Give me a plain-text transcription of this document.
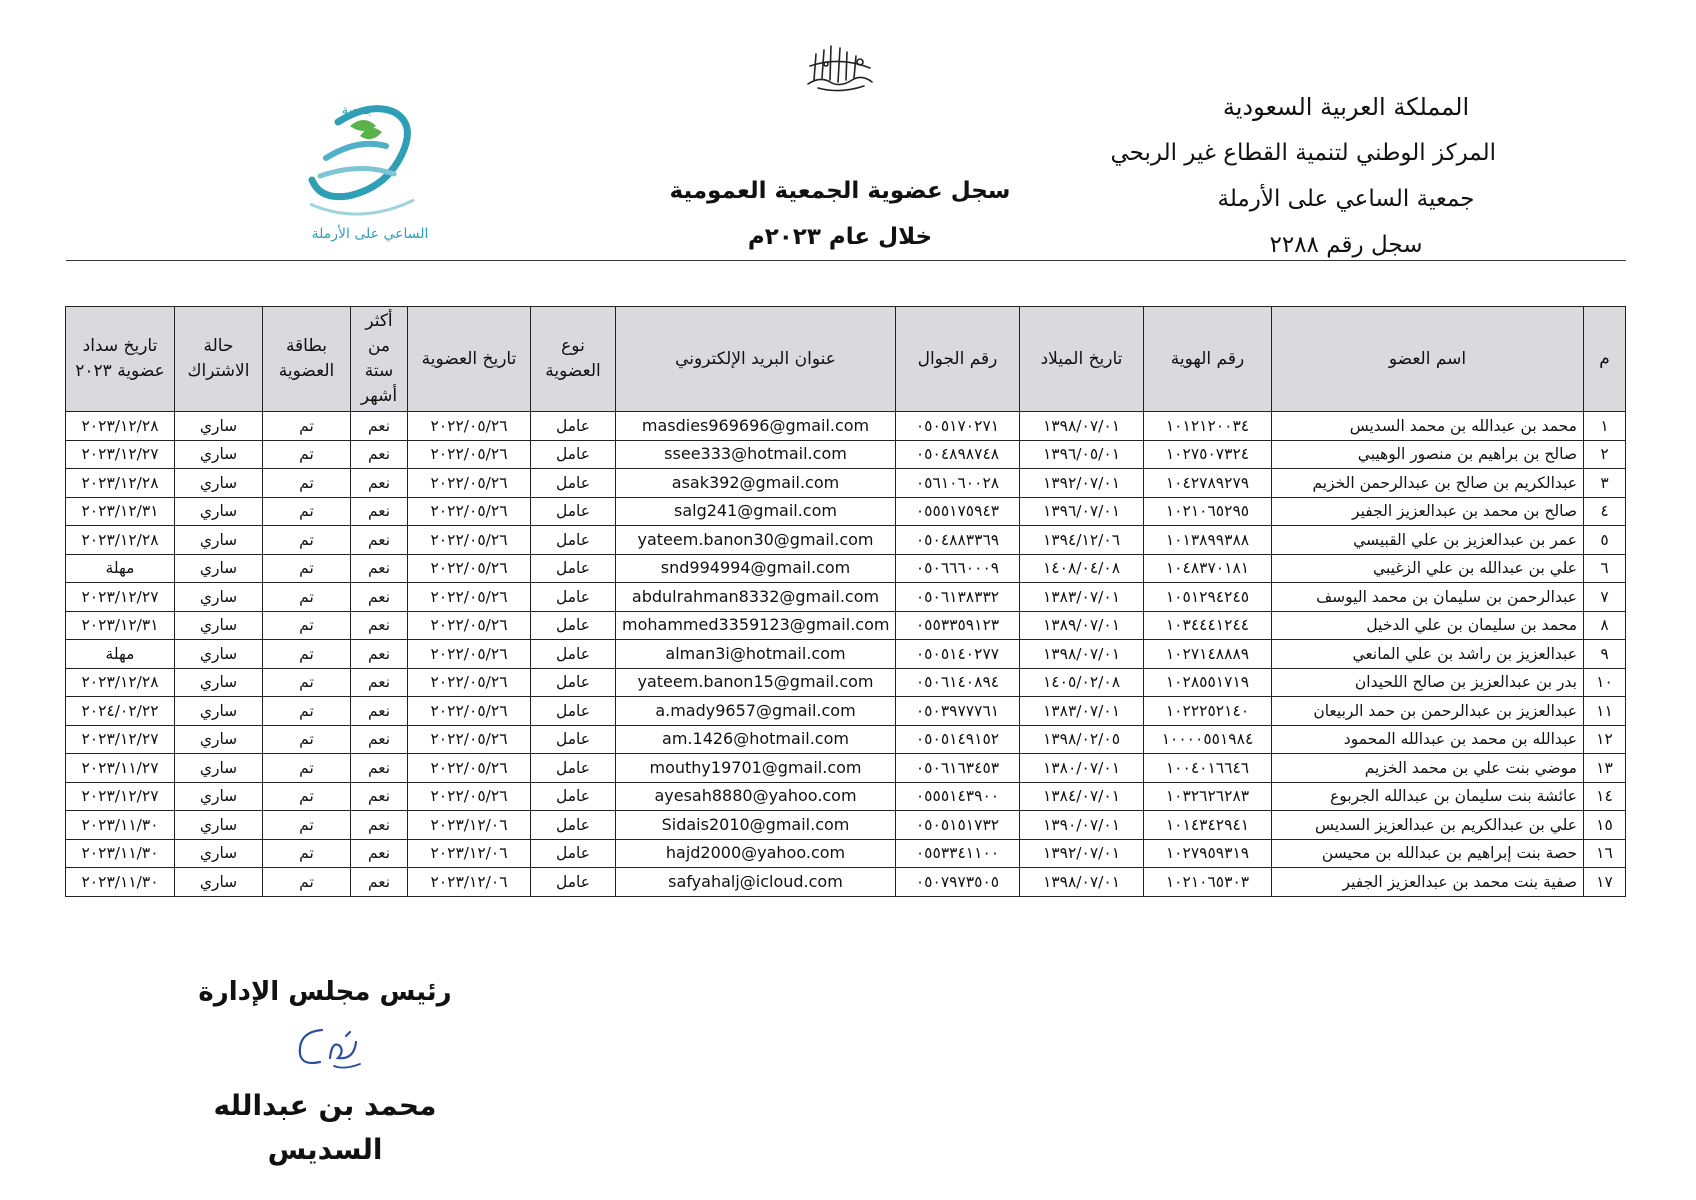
المملكة العربية السعودية
المركز الوطني لتنمية القطاع غير الربحي
جمعية الساعي على الأرملة
سجل رقم ٢٢٨٨
سجل عضوية الجمعية العمومية
خلال عام ٢٠٢٣م
جمعية
الساعي على الأرملة
م	اسم العضو	رقم الهوية	تاريخ الميلاد	رقم الجوال	عنوان البريد الإلكتروني	نوع العضوية	تاريخ العضوية	أكثر من ستة أشهر	بطاقة العضوية	حالة الاشتراك	تاريخ سداد عضوية ٢٠٢٣
١	محمد بن عبدالله بن محمد السديس	١٠١٢١٢٠٠٣٤	١٣٩٨/٠٧/٠١	٠٥٠٥١٧٠٢٧١	masdies969696@gmail.com	عامل	٢٠٢٢/٠٥/٢٦	نعم	تم	ساري	٢٠٢٣/١٢/٢٨
٢	صالح بن براهيم بن منصور الوهيبي	١٠٢٧٥٠٧٣٢٤	١٣٩٦/٠٥/٠١	٠٥٠٤٨٩٨٧٤٨	ssee333@hotmail.com	عامل	٢٠٢٢/٠٥/٢٦	نعم	تم	ساري	٢٠٢٣/١٢/٢٧
٣	عبدالكريم بن صالح بن عبدالرحمن الخزيم	١٠٤٢٧٨٩٢٧٩	١٣٩٢/٠٧/٠١	٠٥٦١٠٦٠٠٢٨	asak392@gmail.com	عامل	٢٠٢٢/٠٥/٢٦	نعم	تم	ساري	٢٠٢٣/١٢/٢٨
٤	صالح بن محمد بن عبدالعزيز الجفير	١٠٢١٠٦٥٢٩٥	١٣٩٦/٠٧/٠١	٠٥٥٥١٧٥٩٤٣	salg241@gmail.com	عامل	٢٠٢٢/٠٥/٢٦	نعم	تم	ساري	٢٠٢٣/١٢/٣١
٥	عمر بن عبدالعزيز بن علي القبيسي	١٠١٣٨٩٩٣٨٨	١٣٩٤/١٢/٠٦	٠٥٠٤٨٨٣٣٦٩	yateem.banon30@gmail.com	عامل	٢٠٢٢/٠٥/٢٦	نعم	تم	ساري	٢٠٢٣/١٢/٢٨
٦	علي بن عبدالله بن علي الزغيبي	١٠٤٨٣٧٠١٨١	١٤٠٨/٠٤/٠٨	٠٥٠٦٦٦٠٠٠٩	snd994994@gmail.com	عامل	٢٠٢٢/٠٥/٢٦	نعم	تم	ساري	مهلة
٧	عبدالرحمن بن سليمان بن محمد اليوسف	١٠٥١٢٩٤٢٤٥	١٣٨٣/٠٧/٠١	٠٥٠٦١٣٨٣٣٢	abdulrahman8332@gmail.com	عامل	٢٠٢٢/٠٥/٢٦	نعم	تم	ساري	٢٠٢٣/١٢/٢٧
٨	محمد بن سليمان بن علي الدخيل	١٠٣٤٤٤١٢٤٤	١٣٨٩/٠٧/٠١	٠٥٥٣٣٥٩١٢٣	mohammed3359123@gmail.com	عامل	٢٠٢٢/٠٥/٢٦	نعم	تم	ساري	٢٠٢٣/١٢/٣١
٩	عبدالعزيز بن راشد بن علي المانعي	١٠٢٧١٤٨٨٨٩	١٣٩٨/٠٧/٠١	٠٥٠٥١٤٠٢٧٧	alman3i@hotmail.com	عامل	٢٠٢٢/٠٥/٢٦	نعم	تم	ساري	مهلة
١٠	بدر بن عبدالعزيز بن صالح اللحيدان	١٠٢٨٥٥١٧١٩	١٤٠٥/٠٢/٠٨	٠٥٠٦١٤٠٨٩٤	yateem.banon15@gmail.com	عامل	٢٠٢٢/٠٥/٢٦	نعم	تم	ساري	٢٠٢٣/١٢/٢٨
١١	عبدالعزيز بن عبدالرحمن بن حمد الربيعان	١٠٢٢٢٥٢١٤٠	١٣٨٣/٠٧/٠١	٠٥٠٣٩٧٧٧٦١	a.mady9657@gmail.com	عامل	٢٠٢٢/٠٥/٢٦	نعم	تم	ساري	٢٠٢٤/٠٢/٢٢
١٢	عبدالله بن محمد بن عبدالله المحمود	١٠٠٠٠٥٥١٩٨٤	١٣٩٨/٠٢/٠٥	٠٥٠٥١٤٩١٥٢	am.1426@hotmail.com	عامل	٢٠٢٢/٠٥/٢٦	نعم	تم	ساري	٢٠٢٣/١٢/٢٧
١٣	موضي بنت علي بن محمد الخزيم	١٠٠٤٠١٦٦٤٦	١٣٨٠/٠٧/٠١	٠٥٠٦١٦٣٤٥٣	mouthy19701@gmail.com	عامل	٢٠٢٢/٠٥/٢٦	نعم	تم	ساري	٢٠٢٣/١١/٢٧
١٤	عائشة بنت سليمان بن عبدالله الجربوع	١٠٣٢٦٢٦٢٨٣	١٣٨٤/٠٧/٠١	٠٥٥٥١٤٣٩٠٠	ayesah8880@yahoo.com	عامل	٢٠٢٢/٠٥/٢٦	نعم	تم	ساري	٢٠٢٣/١٢/٢٧
١٥	علي بن عبدالكريم بن عبدالعزيز السديس	١٠١٤٣٤٢٩٤١	١٣٩٠/٠٧/٠١	٠٥٠٥١٥١٧٣٢	Sidais2010@gmail.com	عامل	٢٠٢٣/١٢/٠٦	نعم	تم	ساري	٢٠٢٣/١١/٣٠
١٦	حصة بنت إبراهيم بن عبدالله بن محيسن	١٠٢٧٩٥٩٣١٩	١٣٩٢/٠٧/٠١	٠٥٥٣٣٤١١٠٠	hajd2000@yahoo.com	عامل	٢٠٢٣/١٢/٠٦	نعم	تم	ساري	٢٠٢٣/١١/٣٠
١٧	صفية بنت محمد بن عبدالعزيز الجفير	١٠٢١٠٦٥٣٠٣	١٣٩٨/٠٧/٠١	٠٥٠٧٩٧٣٥٠٥	safyahalj@icloud.com	عامل	٢٠٢٣/١٢/٠٦	نعم	تم	ساري	٢٠٢٣/١١/٣٠
رئيس مجلس الإدارة
محمد بن عبدالله السديس
